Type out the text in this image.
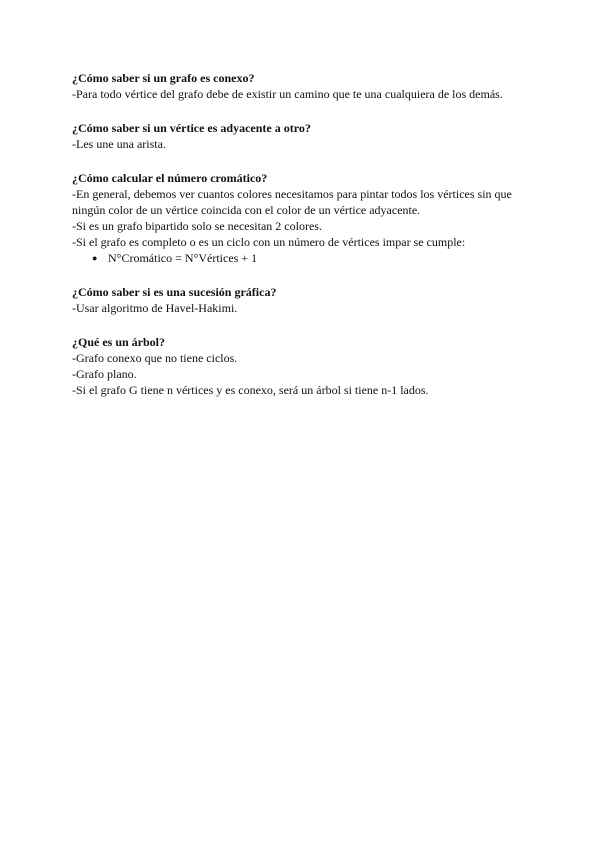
¿Cómo saber si un grafo es conexo?

-Para todo vértice del grafo debe de existir un camino que te una cualquiera de los demás.

¿Cómo saber si un vértice es adyacente a otro?

-Les une una arista.

¿Cómo calcular el número cromático?

-En general, debemos ver cuantos colores necesitamos para pintar todos los vértices sin que

ningún color de un vértice coincida con el color de un vértice adyacente.

-Si es un grafo bipartido solo se necesitan 2 colores.

-Si el grafo es completo o es un ciclo con un número de vértices impar se cumple:

● N°Cromático = N°Vértices + 1

¿Cómo saber si es una sucesión gráfica?

-Usar algoritmo de Havel-Hakimi.

¿Qué es un árbol?

-Grafo conexo que no tiene ciclos.

-Grafo plano.

-Si el grafo G tiene n vértices y es conexo, será un árbol si tiene n-1 lados.
